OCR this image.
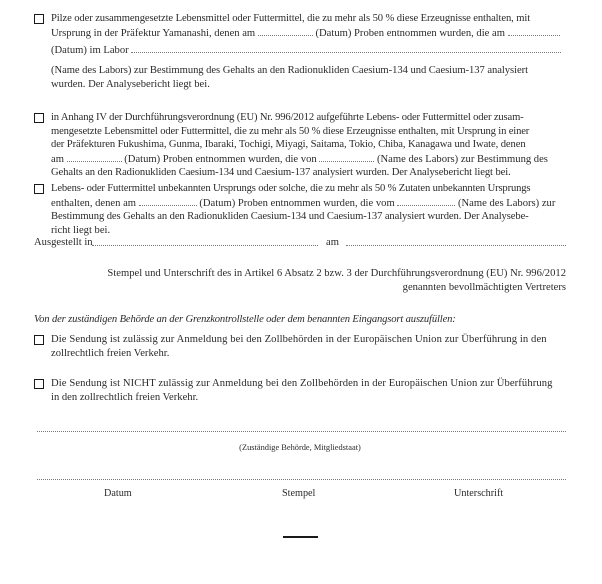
Pilze oder zusammengesetzte Lebensmittel oder Futtermittel, die zu mehr als 50 % diese Erzeugnisse enthalten, mit
Ursprung in der Präfektur Yamanashi, denen am	(Datum) Proben entnommen wurden, die am
(Datum) im Labor
(Name des Labors) zur Bestimmung des Gehalts an den Radionukliden Caesium-134 und Caesium-137 analysiert
wurden. Der Analysebericht liegt bei.
in Anhang IV der Durchführungsverordnung (EU) Nr. 996/2012 aufgeführte Lebens- oder Futtermittel oder zusam-
mengesetzte Lebensmittel oder Futtermittel, die zu mehr als 50 % diese Erzeugnisse enthalten, mit Ursprung in einer
der Präfekturen Fukushima, Gunma, Ibaraki, Tochigi, Miyagi, Saitama, Tokio, Chiba, Kanagawa und Iwate, denen
am	(Datum) Proben entnommen wurden, die von	(Name des Labors) zur Bestimmung des
Gehalts an den Radionukliden Caesium-134 und Caesium-137 analysiert wurden. Der Analysebericht liegt bei.
Lebens- oder Futtermittel unbekannten Ursprungs oder solche, die zu mehr als 50 % Zutaten unbekannten Ursprungs
enthalten, denen am	(Datum) Proben entnommen wurden, die vom	(Name des Labors) zur
Bestimmung des Gehalts an den Radionukliden Caesium-134 und Caesium-137 analysiert wurden. Der Analysebe-
richt liegt bei.
Ausgestellt in	am
Stempel und Unterschrift des in Artikel 6 Absatz 2 bzw. 3 der Durchführungsverordnung (EU) Nr. 996/2012
genannten bevollmächtigten Vertreters
Von der zuständigen Behörde an der Grenzkontrollstelle oder dem benannten Eingangsort auszufüllen:
Die Sendung ist zulässig zur Anmeldung bei den Zollbehörden in der Europäischen Union zur Überführung in den
zollrechtlich freien Verkehr.
Die Sendung ist NICHT zulässig zur Anmeldung bei den Zollbehörden in der Europäischen Union zur Überführung
in den zollrechtlich freien Verkehr.
(Zuständige Behörde, Mitgliedstaat)
Datum	Stempel	Unterschrift
